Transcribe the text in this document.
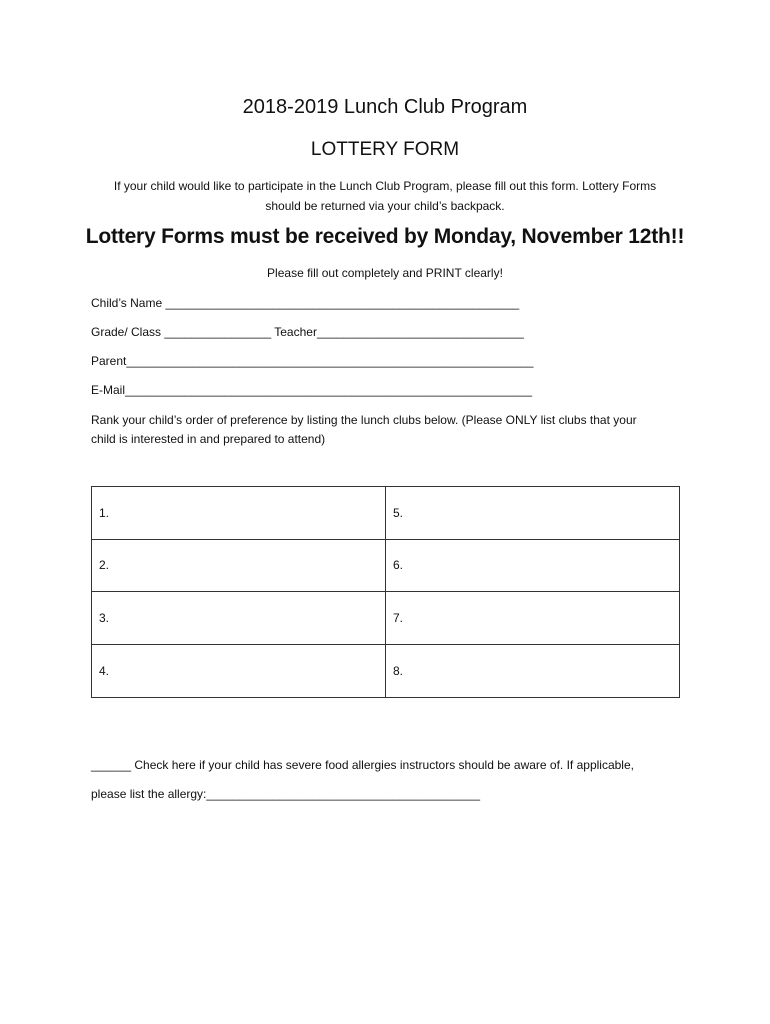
2018-2019 Lunch Club Program
LOTTERY FORM
If your child would like to participate in the Lunch Club Program, please fill out this form. Lottery Forms
should be returned via your child’s backpack.
Lottery Forms must be received by Monday, November 12th!!
Please fill out completely and PRINT clearly!
Child’s Name _____________________________________________________
Grade/ Class ________________ Teacher_______________________________
Parent_____________________________________________________________
E-Mail_____________________________________________________________
Rank your child’s order of preference by listing the lunch clubs below. (Please ONLY list clubs that your
child is interested in and prepared to attend)
1.	5.
2.	6.
3.	7.
4.	8.
______ Check here if your child has severe food allergies instructors should be aware of. If applicable,
please list the allergy:_________________________________________
